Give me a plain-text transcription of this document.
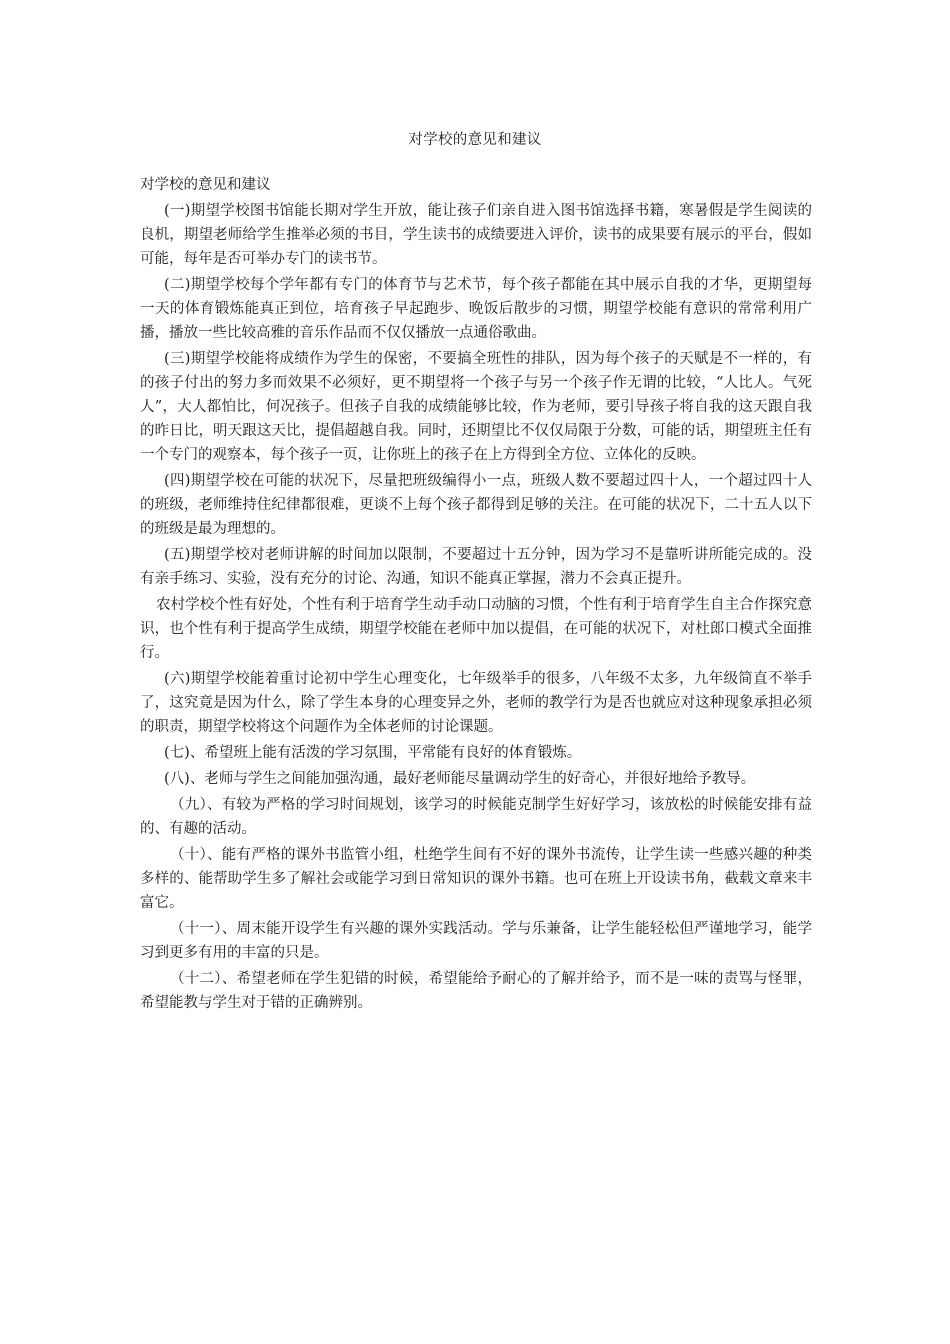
对学校的意见和建议

对学校的意见和建议

(一)期望学校图书馆能长期对学生开放，能让孩子们亲自进入图书馆选择书籍，寒暑假是学生阅读的良机，期望老师给学生推举必须的书目，学生读书的成绩要进入评价，读书的成果要有展示的平台，假如可能，每年是否可举办专门的读书节。

(二)期望学校每个学年都有专门的体育节与艺术节，每个孩子都能在其中展示自我的才华，更期望每一天的体育锻炼能真正到位，培育孩子早起跑步、晚饭后散步的习惯，期望学校能有意识的常常利用广播，播放一些比较高雅的音乐作品而不仅仅播放一点通俗歌曲。

(三)期望学校能将成绩作为学生的保密，不要搞全班性的排队，因为每个孩子的天赋是不一样的，有的孩子付出的努力多而效果不必须好，更不期望将一个孩子与另一个孩子作无谓的比较，“人比人。气死人”，大人都怕比，何况孩子。但孩子自我的成绩能够比较，作为老师，要引导孩子将自我的这天跟自我的昨日比，明天跟这天比，提倡超越自我。同时，还期望比不仅仅局限于分数，可能的话，期望班主任有一个专门的观察本，每个孩子一页，让你班上的孩子在上方得到全方位、立体化的反映。

(四)期望学校在可能的状况下，尽量把班级编得小一点，班级人数不要超过四十人，一个超过四十人的班级，老师维持住纪律都很难，更谈不上每个孩子都得到足够的关注。在可能的状况下，二十五人以下的班级是最为理想的。

(五)期望学校对老师讲解的时间加以限制，不要超过十五分钟，因为学习不是靠听讲所能完成的。没有亲手练习、实验，没有充分的讨论、沟通，知识不能真正掌握，潜力不会真正提升。

农村学校个性有好处，个性有利于培育学生动手动口动脑的习惯，个性有利于培育学生自主合作探究意识，也个性有利于提高学生成绩，期望学校能在老师中加以提倡，在可能的状况下，对杜郎口模式全面推行。

(六)期望学校能着重讨论初中学生心理变化，七年级举手的很多，八年级不太多，九年级简直不举手了，这究竟是因为什么，除了学生本身的心理变异之外，老师的教学行为是否也就应对这种现象承担必须的职责，期望学校将这个问题作为全体老师的讨论课题。

(七)、希望班上能有活泼的学习氛围，平常能有良好的体育锻炼。

(八)、老师与学生之间能加强沟通，最好老师能尽量调动学生的好奇心，并很好地给予教导。

（九）、有较为严格的学习时间规划，该学习的时候能克制学生好好学习，该放松的时候能安排有益的、有趣的活动。

（十）、能有严格的课外书监管小组，杜绝学生间有不好的课外书流传，让学生读一些感兴趣的种类多样的、能帮助学生多了解社会或能学习到日常知识的课外书籍。也可在班上开设读书角，截载文章来丰富它。

（十一）、周末能开设学生有兴趣的课外实践活动。学与乐兼备，让学生能轻松但严谨地学习，能学习到更多有用的丰富的只是。

（十二）、希望老师在学生犯错的时候，希望能给予耐心的了解并给予，而不是一味的责骂与怪罪，希望能教与学生对于错的正确辨别。
